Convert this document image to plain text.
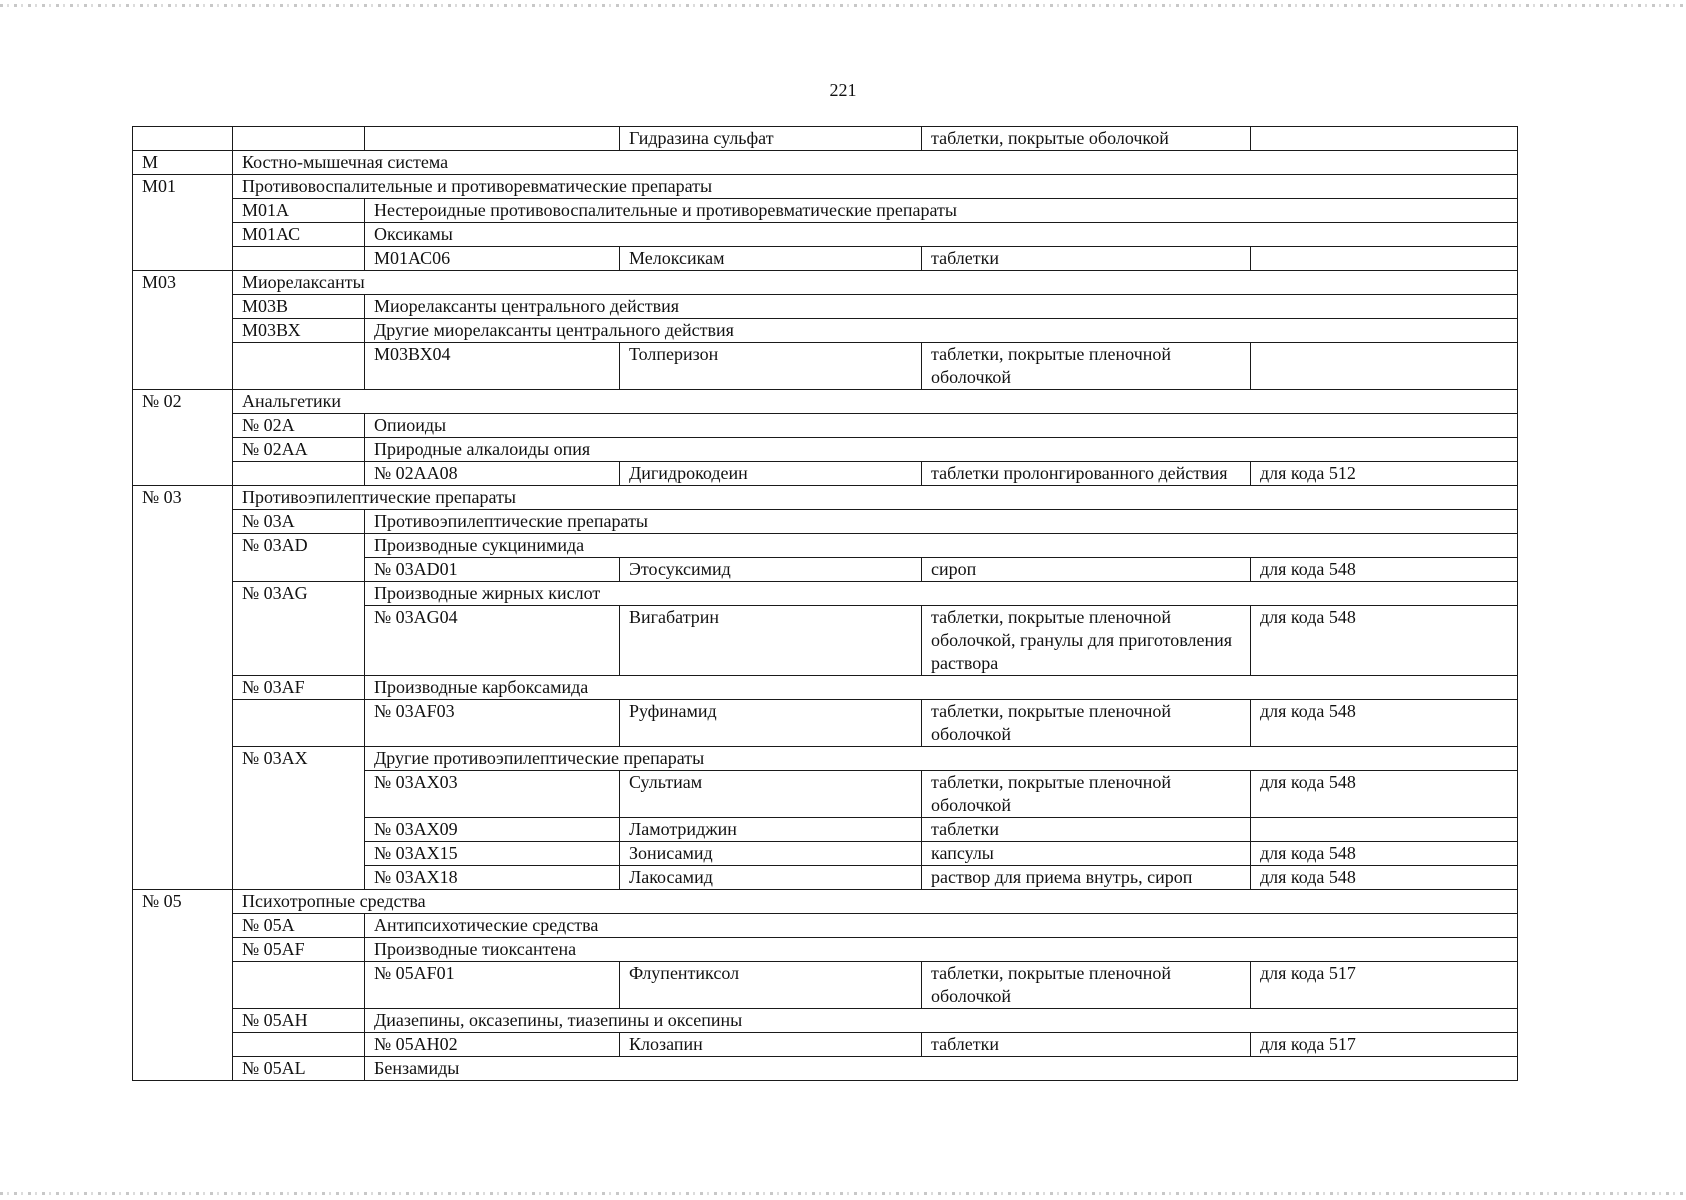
221
			Гидразина сульфат	таблетки, покрытые оболочкой	
М	Костно-мышечная система				
М01	Противовоспалительные и противоревматические препараты				
	М01А	Нестероидные противовоспалительные и противоревматические препараты			
	М01АС	Оксикамы			
		М01АС06	Мелоксикам	таблетки	
М03	Миорелаксанты				
	М03В	Миорелаксанты центрального действия			
	М03ВХ	Другие миорелаксанты центрального действия			
		М03ВХ04	Толперизон	таблетки, покрытые пленочной оболочкой	
№ 02	Анальгетики				
	№ 02А	Опиоиды			
	№ 02АА	Природные алкалоиды опия			
		№ 02АА08	Дигидрокодеин	таблетки пролонгированного действия	для кода 512
№ 03	Противоэпилептические препараты				
	№ 03А	Противоэпилептические препараты			
	№ 03АD	Производные сукцинимида			
		№ 03АD01	Этосуксимид	сироп	для кода 548
	№ 03АG	Производные жирных кислот			
		№ 03АG04	Вигабатрин	таблетки, покрытые пленочной оболочкой, гранулы для приготовления раствора	для кода 548
	№ 03АF	Производные карбоксамида			
		№ 03АF03	Руфинамид	таблетки, покрытые пленочной оболочкой	для кода 548
	№ 03АХ	Другие противоэпилептические препараты			
		№ 03АХ03	Сультиам	таблетки, покрытые пленочной оболочкой	для кода 548
		№ 03АХ09	Ламотриджин	таблетки	
		№ 03АХ15	Зонисамид	капсулы	для кода 548
		№ 03АХ18	Лакосамид	раствор для приема внутрь, сироп	для кода 548
№ 05	Психотропные средства				
	№ 05А	Антипсихотические средства			
	№ 05АF	Производные тиоксантена			
		№ 05АF01	Флупентиксол	таблетки, покрытые пленочной оболочкой	для кода 517
	№ 05АН	Диазепины, оксазепины, тиазепины и оксепины			
		№ 05АН02	Клозапин	таблетки	для кода 517
	№ 05АL	Бензамиды			
